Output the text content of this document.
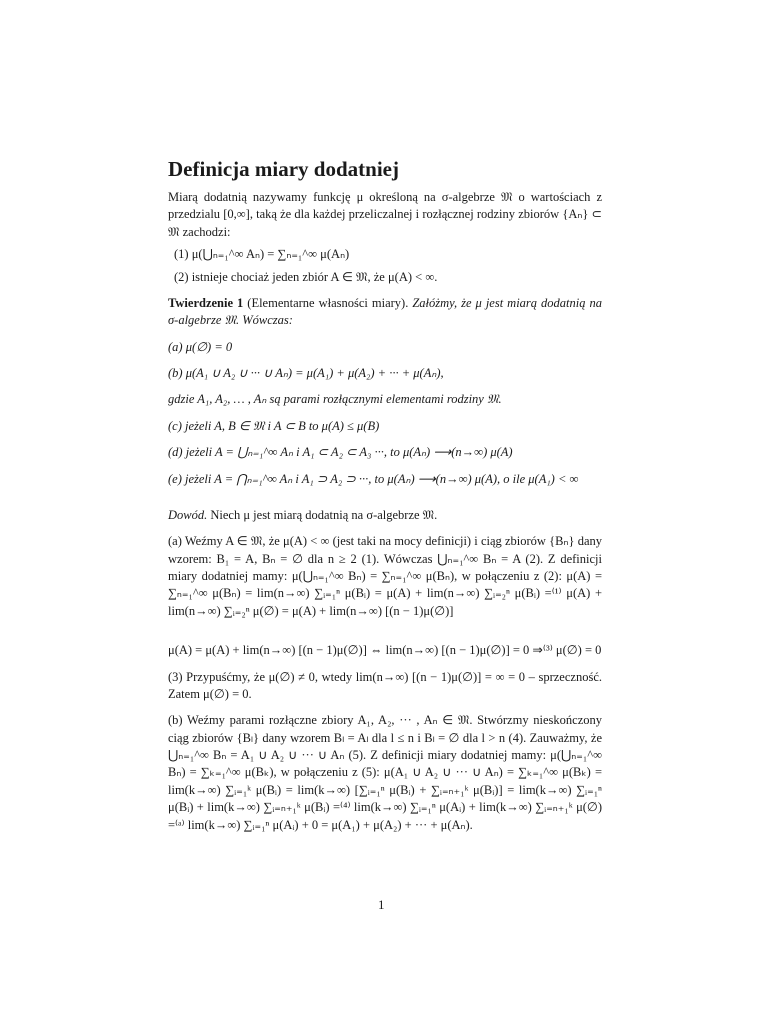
Definicja miary dodatniej

Miarą dodatnią nazywamy funkcję μ określoną na σ-algebrze 𝔐 o wartościach z przedzialu [0,∞], taką że dla każdej przeliczalnej i rozłącznej rodziny zbiorów {Aₙ} ⊂ 𝔐 zachodzi:

(1) μ(⋃ₙ₌₁^∞ Aₙ) = ∑ₙ₌₁^∞ μ(Aₙ)

(2) istnieje chociaż jeden zbiór A ∈ 𝔐, że μ(A) < ∞.

Twierdzenie 1 (Elementarne własności miary). Załóżmy, że μ jest miarą dodatnią na σ-algebrze 𝔐. Wówczas:

(a) μ(∅) = 0

(b) μ(A₁ ∪ A₂ ∪ ··· ∪ Aₙ) = μ(A₁) + μ(A₂) + ··· + μ(Aₙ),

gdzie A₁, A₂, … , Aₙ są parami rozłącznymi elementami rodziny 𝔐.

(c) jeżeli A, B ∈ 𝔐 i A ⊂ B to μ(A) ≤ μ(B)

(d) jeżeli A = ⋃ₙ₌₁^∞ Aₙ i A₁ ⊂ A₂ ⊂ A₃ ···, to μ(Aₙ) ⟶(n→∞) μ(A)

(e) jeżeli A = ⋂ₙ₌₁^∞ Aₙ i A₁ ⊃ A₂ ⊃ ···, to μ(Aₙ) ⟶(n→∞) μ(A), o ile μ(A₁) < ∞

Dowód. Niech μ jest miarą dodatnią na σ-algebrze 𝔐.

(a) Weźmy A ∈ 𝔐, że μ(A) < ∞ (jest taki na mocy definicji) i ciąg zbiorów {Bₙ} dany wzorem: B₁ = A, Bₙ = ∅ dla n ≥ 2 (1). Wówczas ⋃ₙ₌₁^∞ Bₙ = A (2). Z definicji miary dodatniej mamy: μ(⋃ₙ₌₁^∞ Bₙ) = ∑ₙ₌₁^∞ μ(Bₙ), w połączeniu z (2): μ(A) = ∑ₙ₌₁^∞ μ(Bₙ) = lim(n→∞) ∑ᵢ₌₁ⁿ μ(Bᵢ) = μ(A) + lim(n→∞) ∑ᵢ₌₂ⁿ μ(Bᵢ) =⁽¹⁾ μ(A) + lim(n→∞) ∑ᵢ₌₂ⁿ μ(∅) = μ(A) + lim(n→∞) [(n − 1)μ(∅)]

μ(A) = μ(A) + lim(n→∞) [(n − 1)μ(∅)] ⇔ lim(n→∞) [(n − 1)μ(∅)] = 0 ⇒⁽³⁾ μ(∅) = 0

(3) Przypuśćmy, że μ(∅) ≠ 0, wtedy lim(n→∞) [(n − 1)μ(∅)] = ∞ = 0 – sprzeczność. Zatem μ(∅) = 0.

(b) Weźmy parami rozłączne zbiory A₁, A₂, ··· , Aₙ ∈ 𝔐. Stwórzmy nieskończony ciąg zbiorów {Bₗ} dany wzorem Bₗ = Aₗ dla l ≤ n i Bₗ = ∅ dla l > n (4). Zauważmy, że ⋃ₙ₌₁^∞ Bₙ = A₁ ∪ A₂ ∪ ··· ∪ Aₙ (5). Z definicji miary dodatniej mamy: μ(⋃ₙ₌₁^∞ Bₙ) = ∑ₖ₌₁^∞ μ(Bₖ), w połączeniu z (5): μ(A₁ ∪ A₂ ∪ ··· ∪ Aₙ) = ∑ₖ₌₁^∞ μ(Bₖ) = lim(k→∞) ∑ᵢ₌₁ᵏ μ(Bᵢ) = lim(k→∞) [∑ᵢ₌₁ⁿ μ(Bᵢ) + ∑ᵢ₌ₙ₊₁ᵏ μ(Bᵢ)] = lim(k→∞) ∑ᵢ₌₁ⁿ μ(Bᵢ) + lim(k→∞) ∑ᵢ₌ₙ₊₁ᵏ μ(Bᵢ) =⁽⁴⁾ lim(k→∞) ∑ᵢ₌₁ⁿ μ(Aᵢ) + lim(k→∞) ∑ᵢ₌ₙ₊₁ᵏ μ(∅) =⁽ᵃ⁾ lim(k→∞) ∑ᵢ₌₁ⁿ μ(Aᵢ) + 0 = μ(A₁) + μ(A₂) + ··· + μ(Aₙ).

1
